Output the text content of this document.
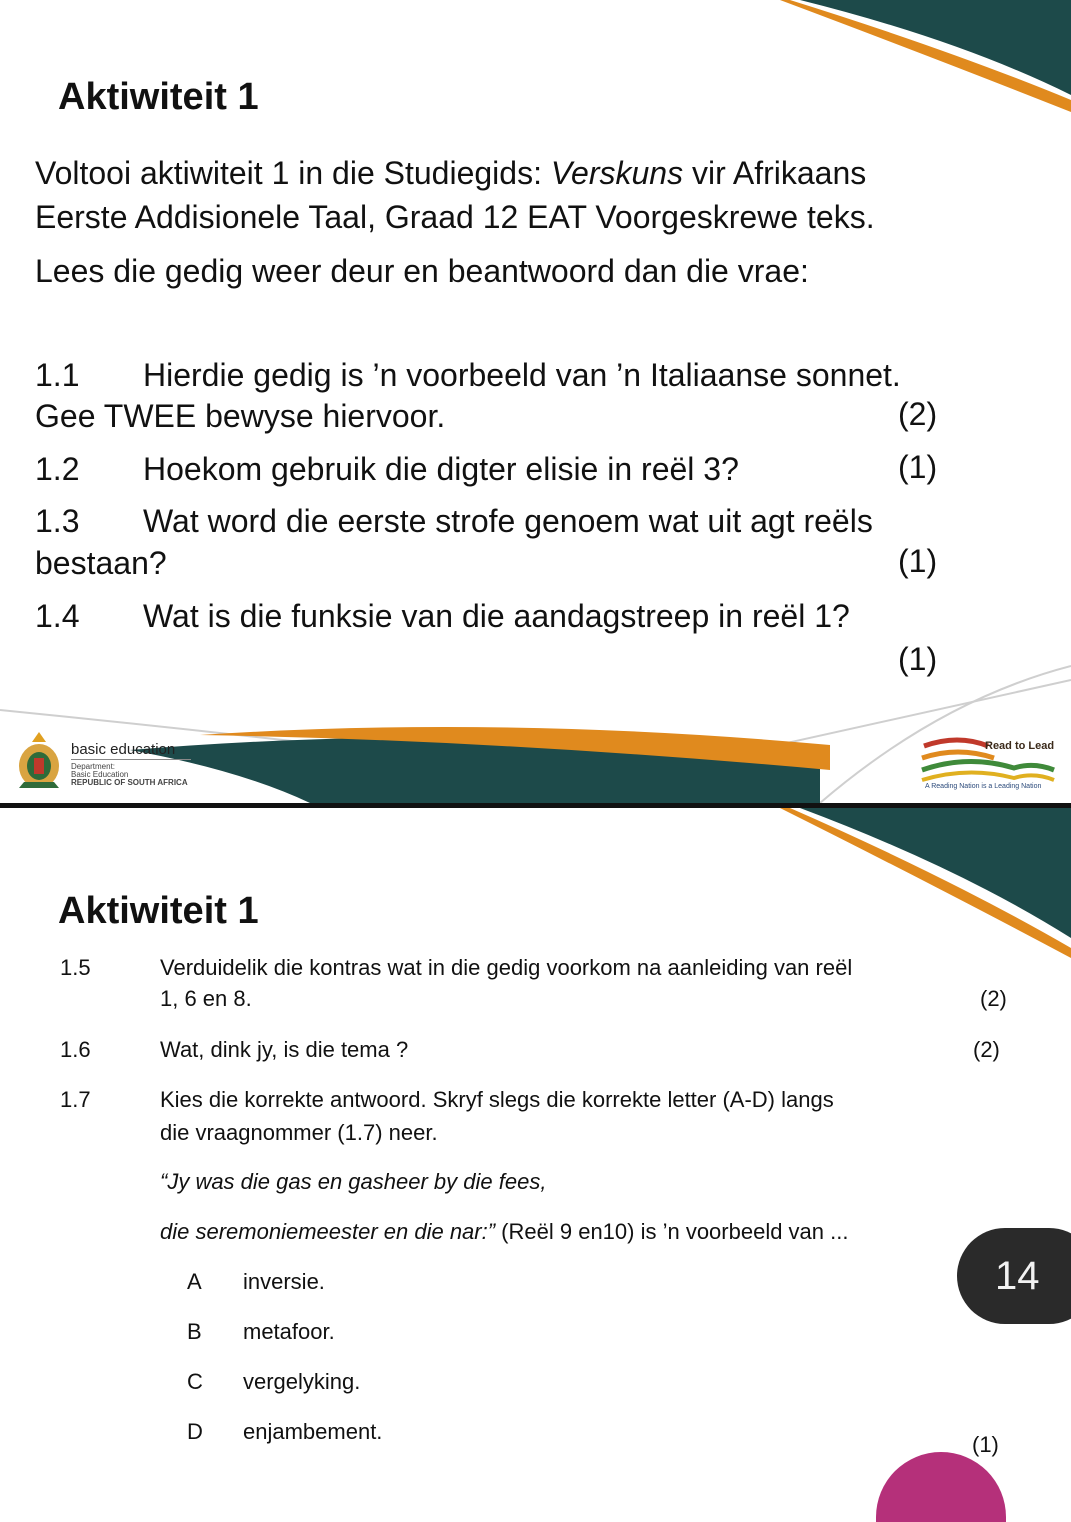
Aktiwiteit 1
Voltooi aktiwiteit 1 in die Studiegids: Verskuns vir Afrikaans
Eerste Addisionele Taal, Graad 12 EAT Voorgeskrewe teks.
Lees die gedig weer deur en beantwoord dan die vrae:
1.1 Hierdie gedig is ’n voorbeeld van ’n Italiaanse sonnet.
Gee TWEE bewyse hiervoor.	(2)
1.2 Hoekom gebruik die digter elisie in reël 3?	(1)
1.3 Wat word die eerste strofe genoem wat uit agt reëls
bestaan?	(1)
1.4 Wat is die funksie van die aandagstreep in reël 1?
(1)
basic education
Department:
Basic Education
REPUBLIC OF SOUTH AFRICA
Read to Lead
A Reading Nation is a Leading Nation
Aktiwiteit 1
1.5	Verduidelik die kontras wat in die gedig voorkom na aanleiding van reël
1, 6 en 8.	(2)
1.6	Wat, dink jy, is die tema ?	(2)
1.7	Kies die korrekte antwoord. Skryf slegs die korrekte letter (A-D) langs
die vraagnommer (1.7) neer.
“Jy was die gas en gasheer by die fees,
die seremoniemeester en die nar:” (Reël 9 en10) is ’n voorbeeld van ...
A inversie.
B metafoor.
C vergelyking.
D enjambement.
(1)
14
